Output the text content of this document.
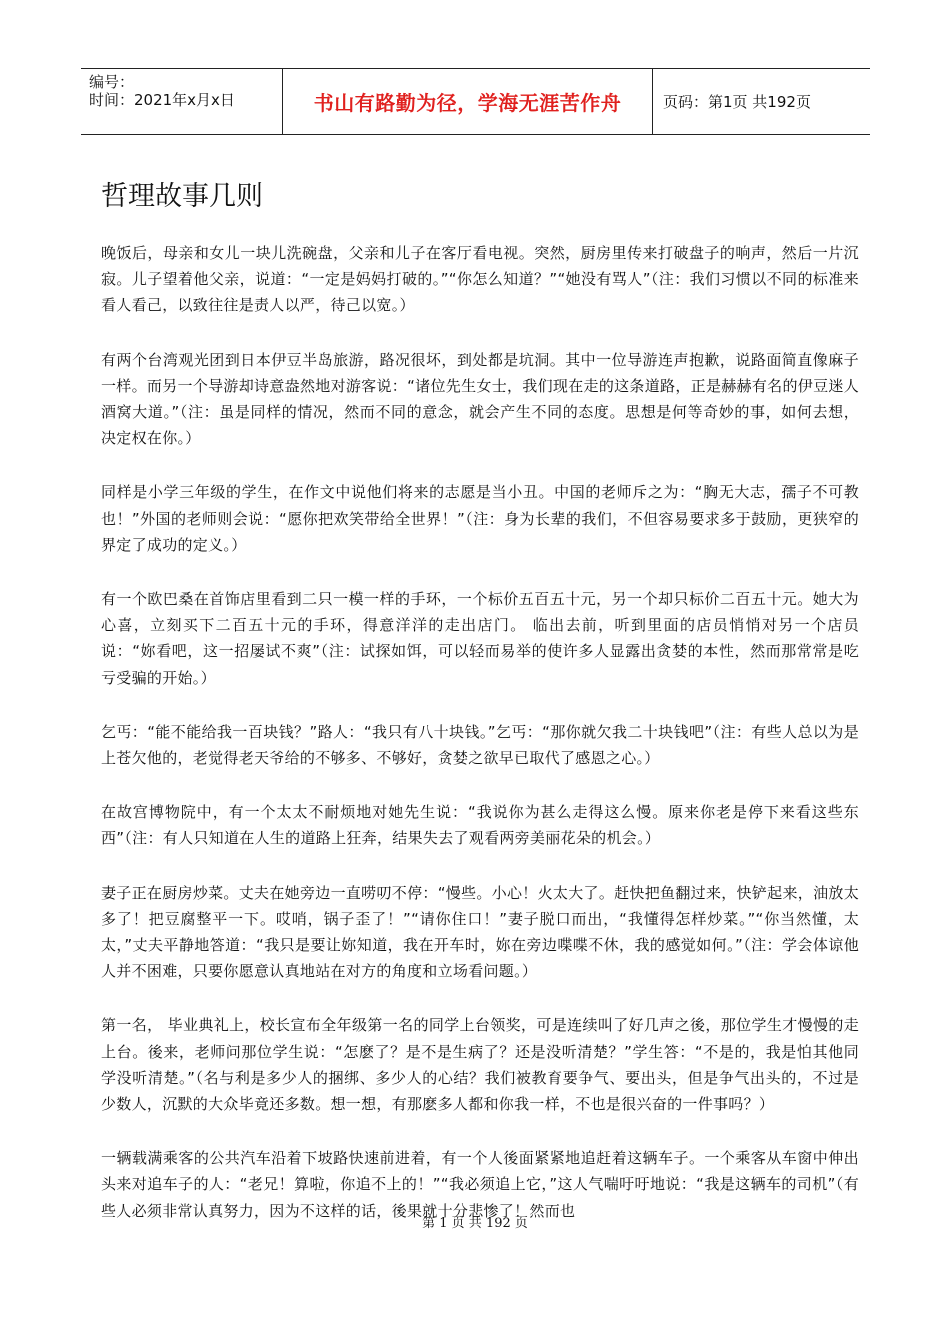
编号：
时间：2021年x月x日	书山有路勤为径，学海无涯苦作舟	页码：第1页 共192页
哲理故事几则

晚饭后，母亲和女儿一块儿洗碗盘，父亲和儿子在客厅看电视。突然，厨房里传来打破盘子的响声，然后一片沉寂。儿子望着他父亲，说道：“一定是妈妈打破的。”“你怎么知道？”“她没有骂人”（注：我们习惯以不同的标准来看人看己，以致往往是责人以严，待己以宽。）

有两个台湾观光团到日本伊豆半岛旅游，路况很坏，到处都是坑洞。其中一位导游连声抱歉，说路面简直像麻子一样。而另一个导游却诗意盎然地对游客说：“诸位先生女士，我们现在走的这条道路，正是赫赫有名的伊豆迷人酒窝大道。”（注：虽是同样的情况，然而不同的意念，就会产生不同的态度。思想是何等奇妙的事，如何去想，决定权在你。）

同样是小学三年级的学生，在作文中说他们将来的志愿是当小丑。中国的老师斥之为：“胸无大志，孺子不可教也！”外国的老师则会说：“愿你把欢笑带给全世界！”（注：身为长辈的我们，不但容易要求多于鼓励，更狭窄的界定了成功的定义。）

有一个欧巴桑在首饰店里看到二只一模一样的手环，一个标价五百五十元，另一个却只标价二百五十元。她大为心喜，立刻买下二百五十元的手环，得意洋洋的走出店门。 临出去前，听到里面的店员悄悄对另一个店员说：“妳看吧，这一招屡试不爽”（注：试探如饵，可以轻而易举的使许多人显露出贪婪的本性，然而那常常是吃亏受骗的开始。）

乞丐：“能不能给我一百块钱？”路人：“我只有八十块钱。”乞丐：“那你就欠我二十块钱吧”（注：有些人总以为是上苍欠他的，老觉得老天爷给的不够多、不够好，贪婪之欲早已取代了感恩之心。）

在故宫博物院中，有一个太太不耐烦地对她先生说：“我说你为甚么走得这么慢。原来你老是停下来看这些东西”（注：有人只知道在人生的道路上狂奔，结果失去了观看两旁美丽花朵的机会。）

妻子正在厨房炒菜。丈夫在她旁边一直唠叨不停：“慢些。小心！火太大了。赶快把鱼翻过来，快铲起来，油放太多了！把豆腐整平一下。哎哨，锅子歪了！”“请你住口！”妻子脱口而出，“我懂得怎样炒菜。”“你当然懂，太太，”丈夫平静地答道：“我只是要让妳知道，我在开车时，妳在旁边喋喋不休，我的感觉如何。”（注：学会体谅他人并不困难，只要你愿意认真地站在对方的角度和立场看问题。）

第一名， 毕业典礼上，校长宣布全年级第一名的同学上台领奖，可是连续叫了好几声之後，那位学生才慢慢的走上台。後来，老师问那位学生说：“怎麽了？是不是生病了？还是没听清楚？”学生答：“不是的，我是怕其他同学没听清楚。”（名与利是多少人的捆绑、多少人的心结？我们被教育要争气、要出头，但是争气出头的，不过是少数人，沉默的大众毕竟还多数。想一想，有那麽多人都和你我一样，不也是很兴奋的一件事吗？）

一辆载满乘客的公共汽车沿着下坡路快速前进着，有一个人後面紧紧地追赶着这辆车子。一个乘客从车窗中伸出头来对追车子的人：“老兄！算啦，你追不上的！”“我必须追上它，”这人气喘吁吁地说：“我是这辆车的司机”（有些人必须非常认真努力，因为不这样的话，後果就十分悲惨了！然而也

第 1 页 共 192 页
